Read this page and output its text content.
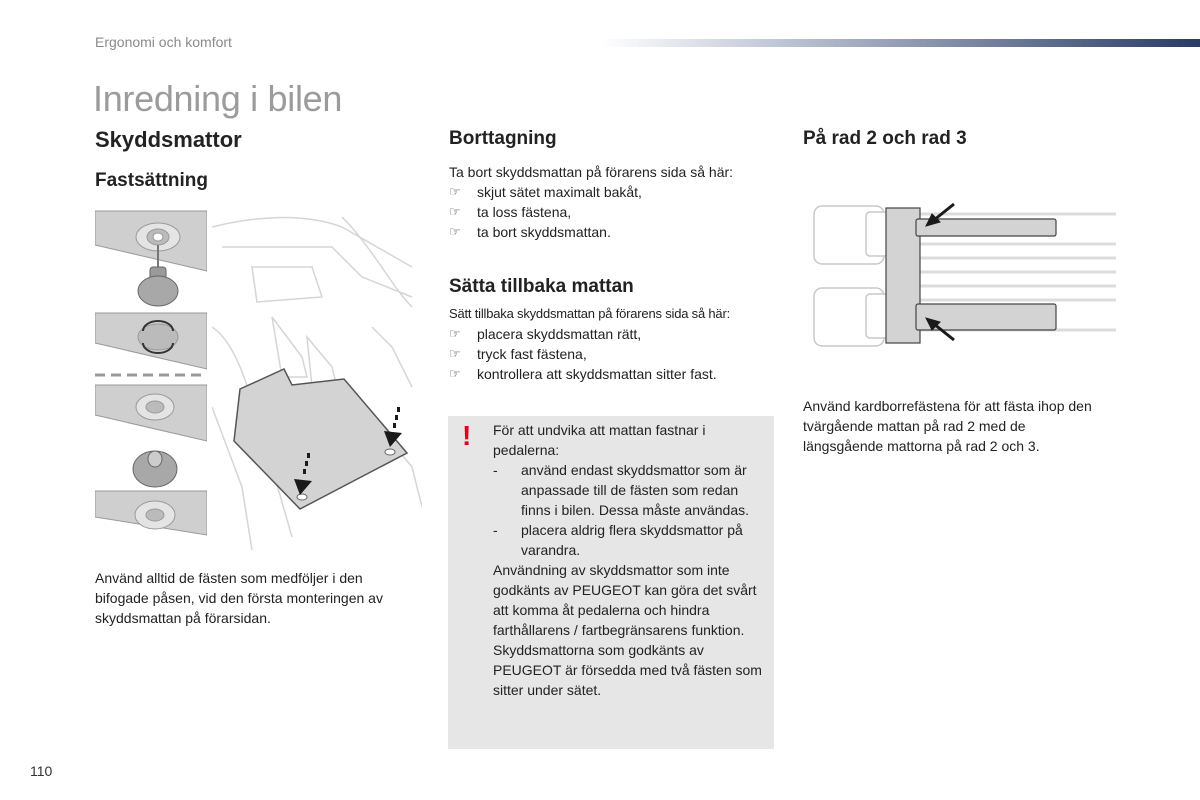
Ergonomi och komfort
Inredning i bilen
Skyddsmattor
Fastsättning
Använd alltid de fästen som medföljer i den bifogade påsen, vid den första monteringen av skyddsmattan på förarsidan.
Borttagning
Ta bort skyddsmattan på förarens sida så här:
☞ skjut sätet maximalt bakåt,
☞ ta loss fästena,
☞ ta bort skyddsmattan.
Sätta tillbaka mattan
Sätt tillbaka skyddsmattan på förarens sida så här:
☞ placera skyddsmattan rätt,
☞ tryck fast fästena,
☞ kontrollera att skyddsmattan sitter fast.
! För att undvika att mattan fastnar i pedalerna:
- använd endast skyddsmattor som är anpassade till de fästen som redan finns i bilen. Dessa måste användas.
- placera aldrig flera skyddsmattor på varandra.
Användning av skyddsmattor som inte godkänts av PEUGEOT kan göra det svårt att komma åt pedalerna och hindra farthållarens / fartbegränsarens funktion.
Skyddsmattorna som godkänts av PEUGEOT är försedda med två fästen som sitter under sätet.
På rad 2 och rad 3
Använd kardborrefästena för att fästa ihop den tvärgående mattan på rad 2 med de längsgående mattorna på rad 2 och 3.
110
